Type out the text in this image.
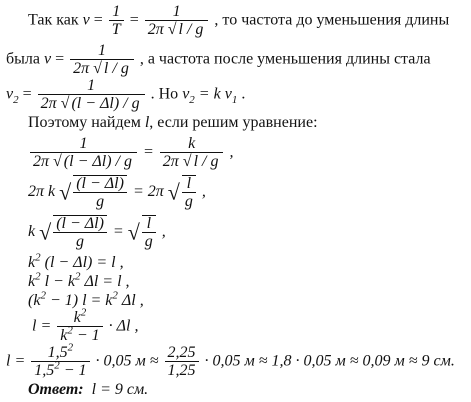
Так как $\nu = \frac{1}{T} = \frac{1}{2\pi √ l / g}$ , то частота до уменьшения длины
была $\nu = \frac{1}{2\pi √ l / g}$ , а частота после уменьшения длины стала
$\nu_2 = \frac{1}{2\pi √ (l - \Delta l) / g}$ . Но $\nu_2 = k$ $\nu_1$ .
Поэтому найдем l, если решим уравнение:
$\frac{1}{2\pi √ (l - \Delta l) / g} = \frac{k}{2\pi √ l / g}$ ,
2π k √ $\frac{(l - \Delta l)}{g} = 2\pi$ √ $\frac{l}{g}$ ,
k √ $\frac{(l - \Delta l)}{g}$ = √ $\frac{l}{g}$ ,
$k^2$ (l − Δl) = l ,
$k^2$ $l - k^2$ Δl = l ,
$(k^2 - 1) l = k^2$ Δl ,
$l = \frac{k^2}{k^2 - 1} \cdot \Delta l$ ,
$l = \frac{1,5^2}{1,5^2 - 1} \cdot 0,05$ $м \approx \frac{2,25}{1,25} \cdot 0,05$ м ≈ 1,8 · 0,05 м ≈ 0,09 м ≈ 9 см.
Ответ: l = 9 см.
